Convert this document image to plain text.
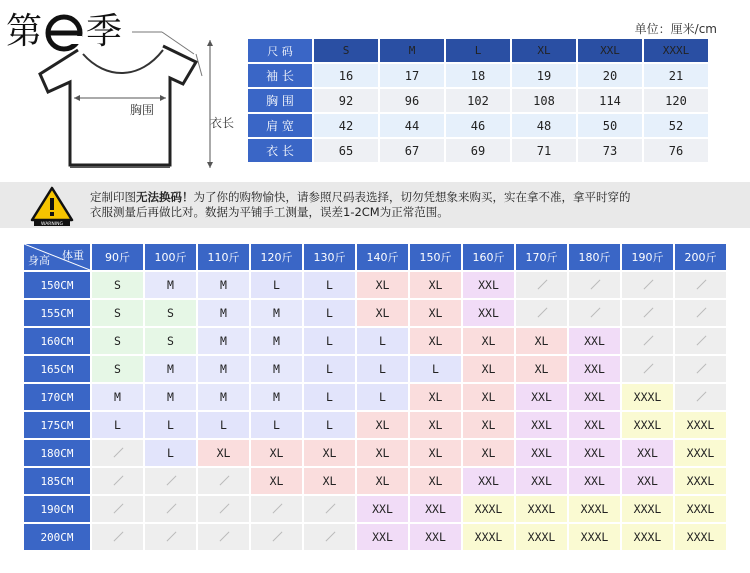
第 季
胸围
衣长
单位：厘米/cm
尺 码	S	M	L	XL	XXL	XXXL
袖 长	16	17	18	19	20	21
胸 围	92	96	102	108	114	120
肩 宽	42	44	46	48	50	52
衣 长	65	67	69	71	73	76
WARNING
定制印图无法换码！为了你的购物愉快，请参照尺码表选择，切勿凭想象来购买，实在拿不准，拿平时穿的
衣服测量后再做比对。数据为平铺手工测量，误差1-2CM为正常范围。
体重
身高	90斤	100斤	110斤	120斤	130斤	140斤	150斤	160斤	170斤	180斤	190斤	200斤
150CM	S	M	M	L	L	XL	XL	XXL				
155CM	S	S	M	M	L	XL	XL	XXL				
160CM	S	S	M	M	L	L	XL	XL	XL	XXL		
165CM	S	M	M	M	L	L	L	XL	XL	XXL		
170CM	M	M	M	M	L	L	XL	XL	XXL	XXL	XXXL	
175CM	L	L	L	L	L	XL	XL	XL	XXL	XXL	XXXL	XXXL
180CM		L	XL	XL	XL	XL	XL	XL	XXL	XXL	XXL	XXXL
185CM				XL	XL	XL	XL	XXL	XXL	XXL	XXL	XXXL
190CM						XXL	XXL	XXXL	XXXL	XXXL	XXXL	XXXL
200CM						XXL	XXL	XXXL	XXXL	XXXL	XXXL	XXXL
